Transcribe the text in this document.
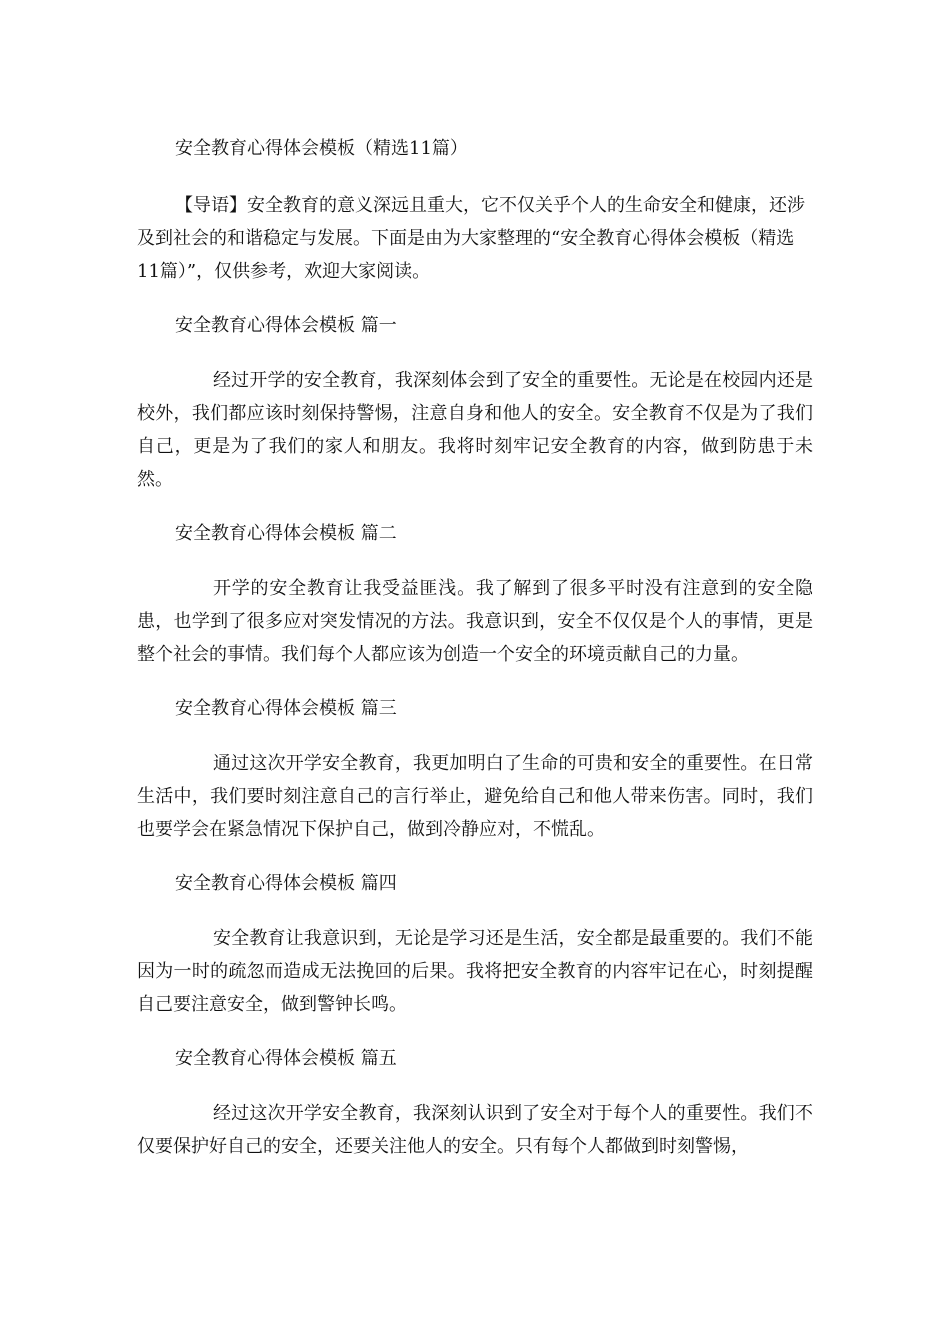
安全教育心得体会模板（精选11篇）

【导语】安全教育的意义深远且重大，它不仅关乎个人的生命安全和健康，还涉及到社会的和谐稳定与发展。下面是由为大家整理的“安全教育心得体会模板（精选11篇）”，仅供参考，欢迎大家阅读。

安全教育心得体会模板 篇一

经过开学的安全教育，我深刻体会到了安全的重要性。无论是在校园内还是校外，我们都应该时刻保持警惕，注意自身和他人的安全。安全教育不仅是为了我们自己，更是为了我们的家人和朋友。我将时刻牢记安全教育的内容，做到防患于未然。

安全教育心得体会模板 篇二

开学的安全教育让我受益匪浅。我了解到了很多平时没有注意到的安全隐患，也学到了很多应对突发情况的方法。我意识到，安全不仅仅是个人的事情，更是整个社会的事情。我们每个人都应该为创造一个安全的环境贡献自己的力量。

安全教育心得体会模板 篇三

通过这次开学安全教育，我更加明白了生命的可贵和安全的重要性。在日常生活中，我们要时刻注意自己的言行举止，避免给自己和他人带来伤害。同时，我们也要学会在紧急情况下保护自己，做到冷静应对，不慌乱。

安全教育心得体会模板 篇四

安全教育让我意识到，无论是学习还是生活，安全都是最重要的。我们不能因为一时的疏忽而造成无法挽回的后果。我将把安全教育的内容牢记在心，时刻提醒自己要注意安全，做到警钟长鸣。

安全教育心得体会模板 篇五

经过这次开学安全教育，我深刻认识到了安全对于每个人的重要性。我们不仅要保护好自己的安全，还要关注他人的安全。只有每个人都做到时刻警惕，
